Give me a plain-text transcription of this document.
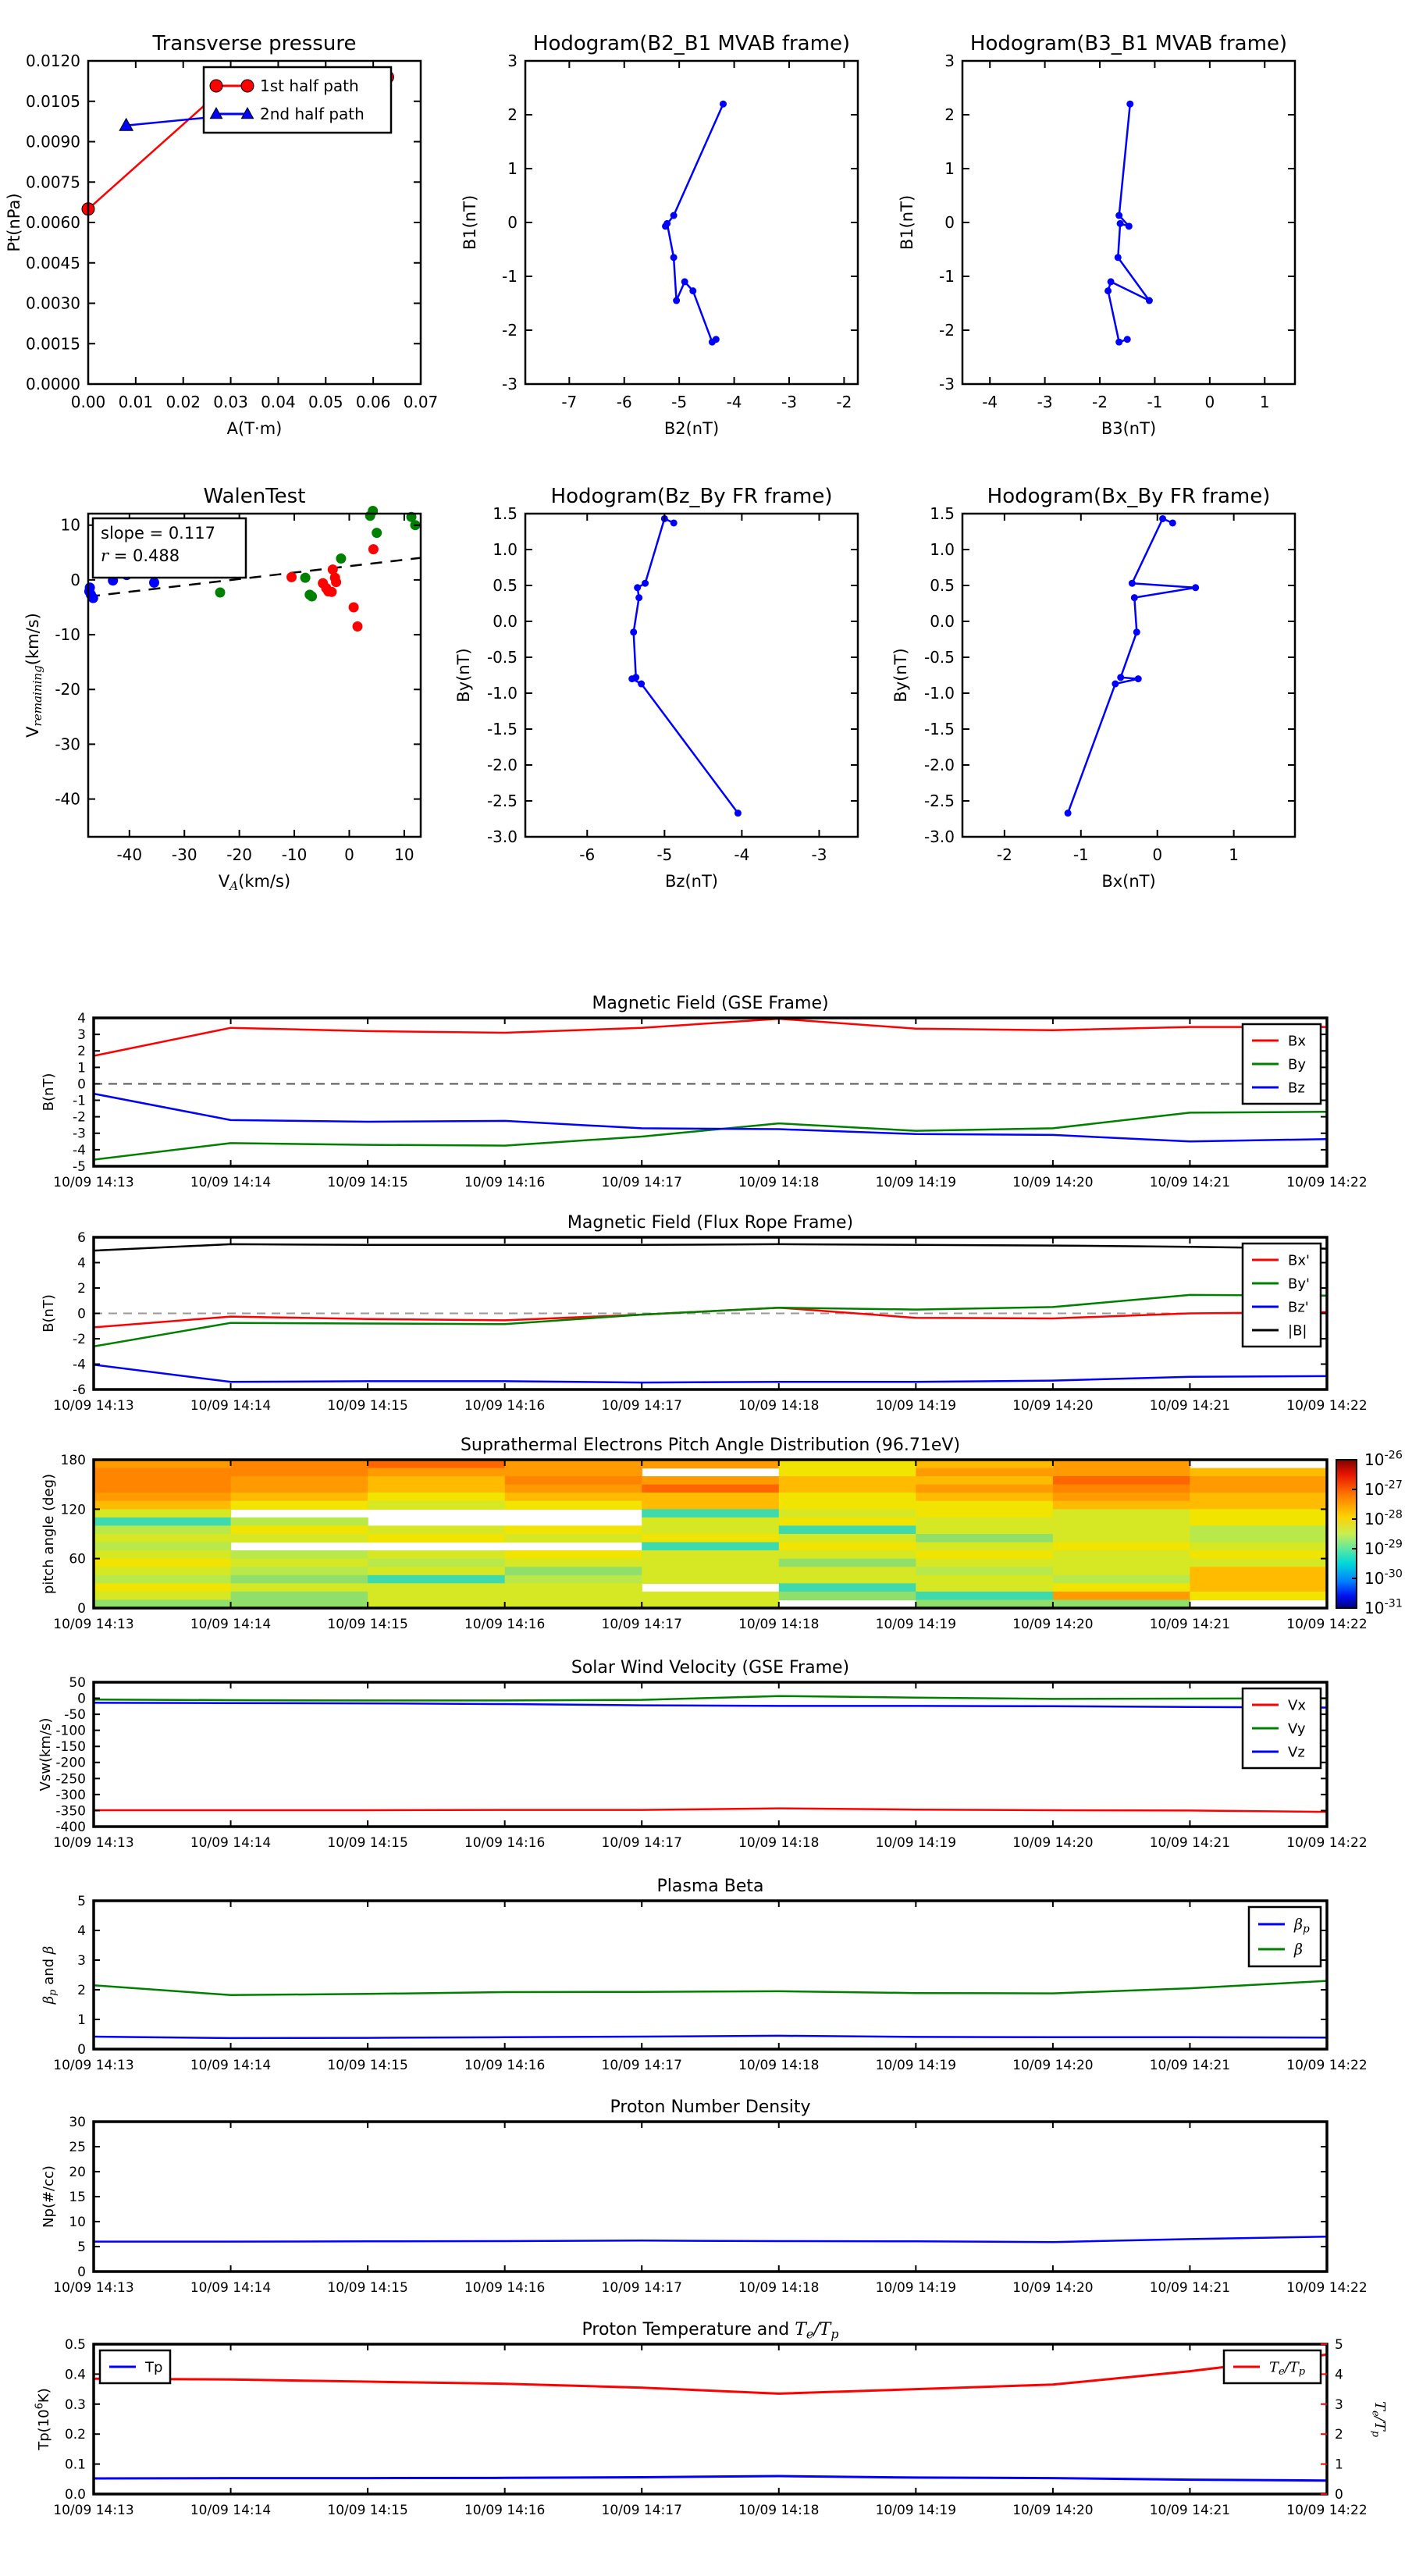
0.00 0.01 0.02 0.03 0.04 0.05 0.06 0.07
0.0000
0.0015
0.0030
0.0045
0.0060
0.0075
0.0090
0.0105
0.0120
Transverse pressure
A(T·m)
Pt(nPa)
1st half path
2nd half path
-7	-6	-5	-4	-3	-2
-3
-2
-1
0
1
2
3
Hodogram(B2_B1 MVAB frame)
B2(nT)
B1(nT)
-4	-3	-2	-1	0	1
-3
-2
-1
0
1
2
3
Hodogram(B3_B1 MVAB frame)
B3(nT)
B1(nT)
-40 -30 -20 -10 0	10
10
0
-10
-20
-30
-40
WalenTest
$V_A(km/s)$
$V_{remaining}(km/s)$
slope = 0.117
r = 0.488
-6	-5	-4	-3
1.5
1.0
0.5
0.0
-0.5
-1.0
-1.5
-2.0
-2.5
-3.0
Hodogram(Bz_By FR frame)
Bz(nT)
By(nT)
-2	-1	0	1
1.5
1.0
0.5
0.0
-0.5
-1.0
-1.5
-2.0
-2.5
-3.0
Hodogram(Bx_By FR frame)
Bx(nT)
By(nT)
10/09 14:13	10/09 14:14	10/09 14:15	10/09 14:16	10/09 14:17	10/09 14:18	10/09 14:19	10/09 14:20	10/09 14:21	10/09 14:22
-5
-4
-3
-2
-1
0
1
2
3
4
Magnetic Field (GSE Frame)
B(nT)
Bx
By
Bz
10/09 14:13	10/09 14:14	10/09 14:15	10/09 14:16	10/09 14:17	10/09 14:18	10/09 14:19	10/09 14:20	10/09 14:21	10/09 14:22
-6
-4
-2
0
2
4
6
Magnetic Field (Flux Rope Frame)
B(nT)
Bx'
By'
Bz'
|B|
10/09 14:13	10/09 14:14	10/09 14:15	10/09 14:16	10/09 14:17	10/09 14:18	10/09 14:19	10/09 14:20	10/09 14:21	10/09 14:22
0
60
120
180
Suprathermal Electrons Pitch Angle Distribution (96.71eV)
pitch angle (deg)
$10^{-26}$
$10^{-27}$
$10^{-28}$
$10^{-29}$
$10^{-30}$
$10^{-31}$
10/09 14:13	10/09 14:14	10/09 14:15	10/09 14:16	10/09 14:17	10/09 14:18	10/09 14:19	10/09 14:20	10/09 14:21	10/09 14:22
50
0
-50
-100
-150
-200
-250
-300
-350
-400
Solar Wind Velocity (GSE Frame)
Vsw(km/s)
Vx
Vy
Vz
10/09 14:13	10/09 14:14	10/09 14:15	10/09 14:16	10/09 14:17	10/09 14:18	10/09 14:19	10/09 14:20	10/09 14:21	10/09 14:22
0
1
2
3
4
5
Plasma Beta
$\beta_p$ and β
βp
β
10/09 14:13	10/09 14:14	10/09 14:15	10/09 14:16	10/09 14:17	10/09 14:18	10/09 14:19	10/09 14:20	10/09 14:21	10/09 14:22
0
5
10
15
20
25
30
Proton Number Density
Np(#/cc)
10/09 14:13	10/09 14:14	10/09 14:15	10/09 14:16	10/09 14:17	10/09 14:18	10/09 14:19	10/09 14:20	10/09 14:21	10/09 14:22
0.0
0.1
0.2
0.3
0.4
0.5
0
1
2
3
4
5
$T_e/T_p$
Proton Temperature and $T_e/T_p$
$Tp(10^6K)$
Tp	$T_e/T_p$
